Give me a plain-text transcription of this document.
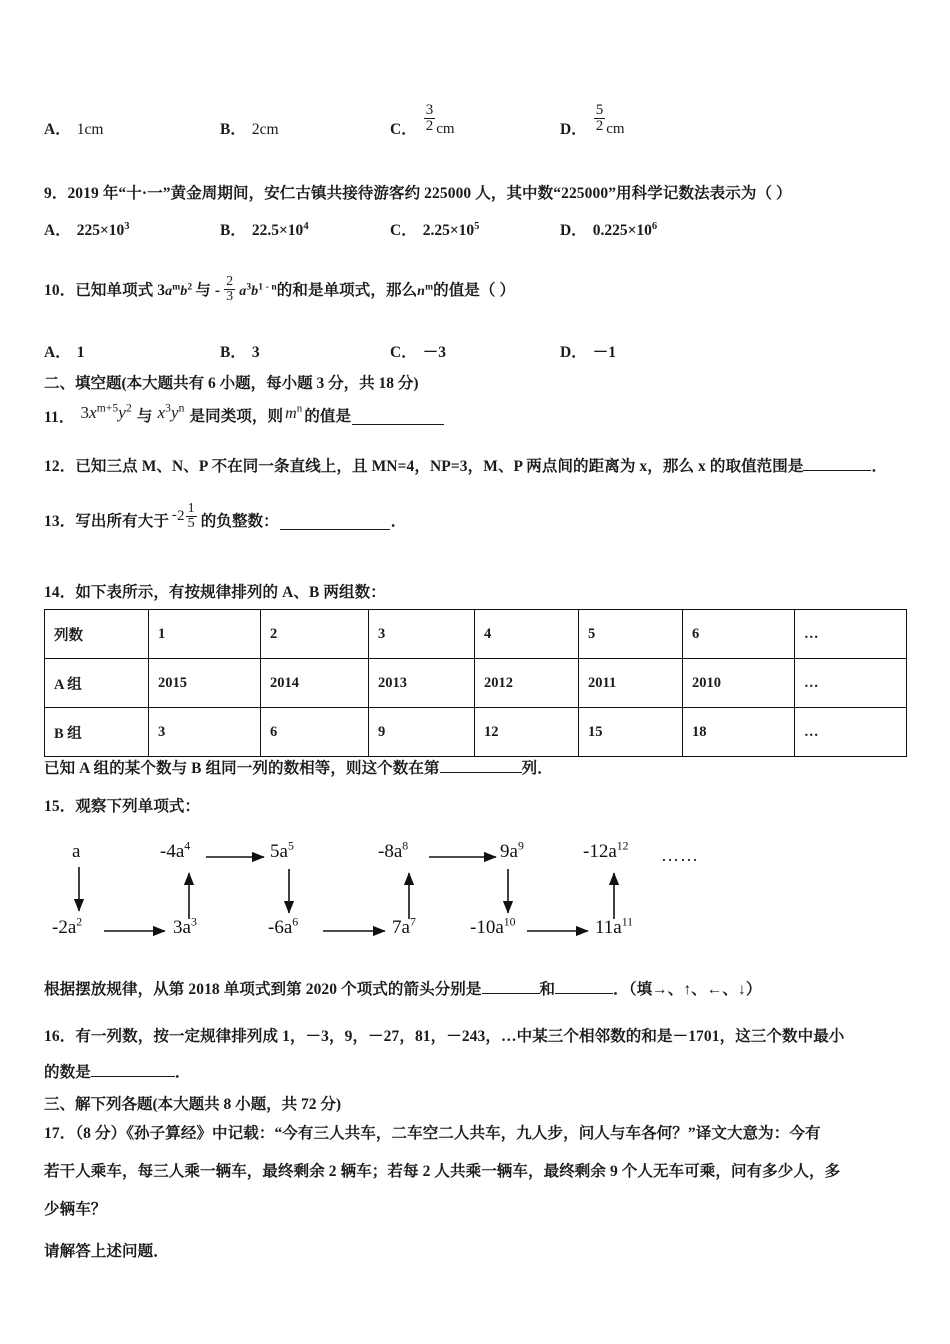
A． 1cm	B． 2cm	C． $\frac{3}{2}$ cm	D． $\frac{5}{2}$ cm
9．2019 年“十·一”黄金周期间，安仁古镇共接待游客约 225000 人，其中数“225000”用科学记数法表示为（ ）
A． $225\times 10^3$	B． $22.5\times 10^4$	C． $2.25\times 10^5$	D． $0.225\times 10^6$
10． 已知单项式 3 $a^mb^2$ 与 - $\frac{2}{3} a^3b^{1 - n}$ 的和是单项式，那么 $n^m$ 的值是（ ）
A． 1	B． 3	C． －3	D． －1
二、填空题(本大题共有 6 小题，每小题 3 分，共 18 分)
11． $3x^{m+5}y^2$
与 $x^3y^n$
是同类项，则 $m^n$ 的值是
12．已知三点 M、N、P 不在同一条直线上，且 MN=4，NP=3，M、P 两点间的距离为 x，那么 x 的取值范围是	．
13． 写出所有大于 - $2 \frac{1}{5}$ 的负整数：	．
14．如下表所示，有按规律排列的 A、B 两组数：
列数	1	2	3	4	5	6	…
A 组	2015	2014	2013	2012	2011	2010	…
B 组	3	6	9	12	15	18	…
已知 A 组的某个数与 B 组同一列的数相等，则这个数在第	列．
15．观察下列单项式：
a	$-4a^4$	$5a^5$	$-8a^8$	$9a^9$	$-12a^{12}$ ……
$-2a^2$	$3a^3$	$-6a^6$	$7a^7$	$-10a^{10}$	$11a^{11}$
根据摆放规律，从第 2018 单项式到第 2020 个项式的箭头分别是	和	．（填→、↑、←、↓）
16．有一列数，按一定规律排列成 1，－3，9，－27，81，－243，…中某三个相邻数的和是－1701，这三个数中最小
的数是	．
三、解下列各题(本大题共 8 小题，共 72 分)
17．（8 分）《孙子算经》中记载：“今有三人共车，二车空二人共车，九人步，问人与车各何？”译文大意为：今有
若干人乘车，每三人乘一辆车，最终剩余 2 辆车；若每 2 人共乘一辆车，最终剩余 9 个人无车可乘，问有多少人，多
少辆车？
请解答上述问题．
